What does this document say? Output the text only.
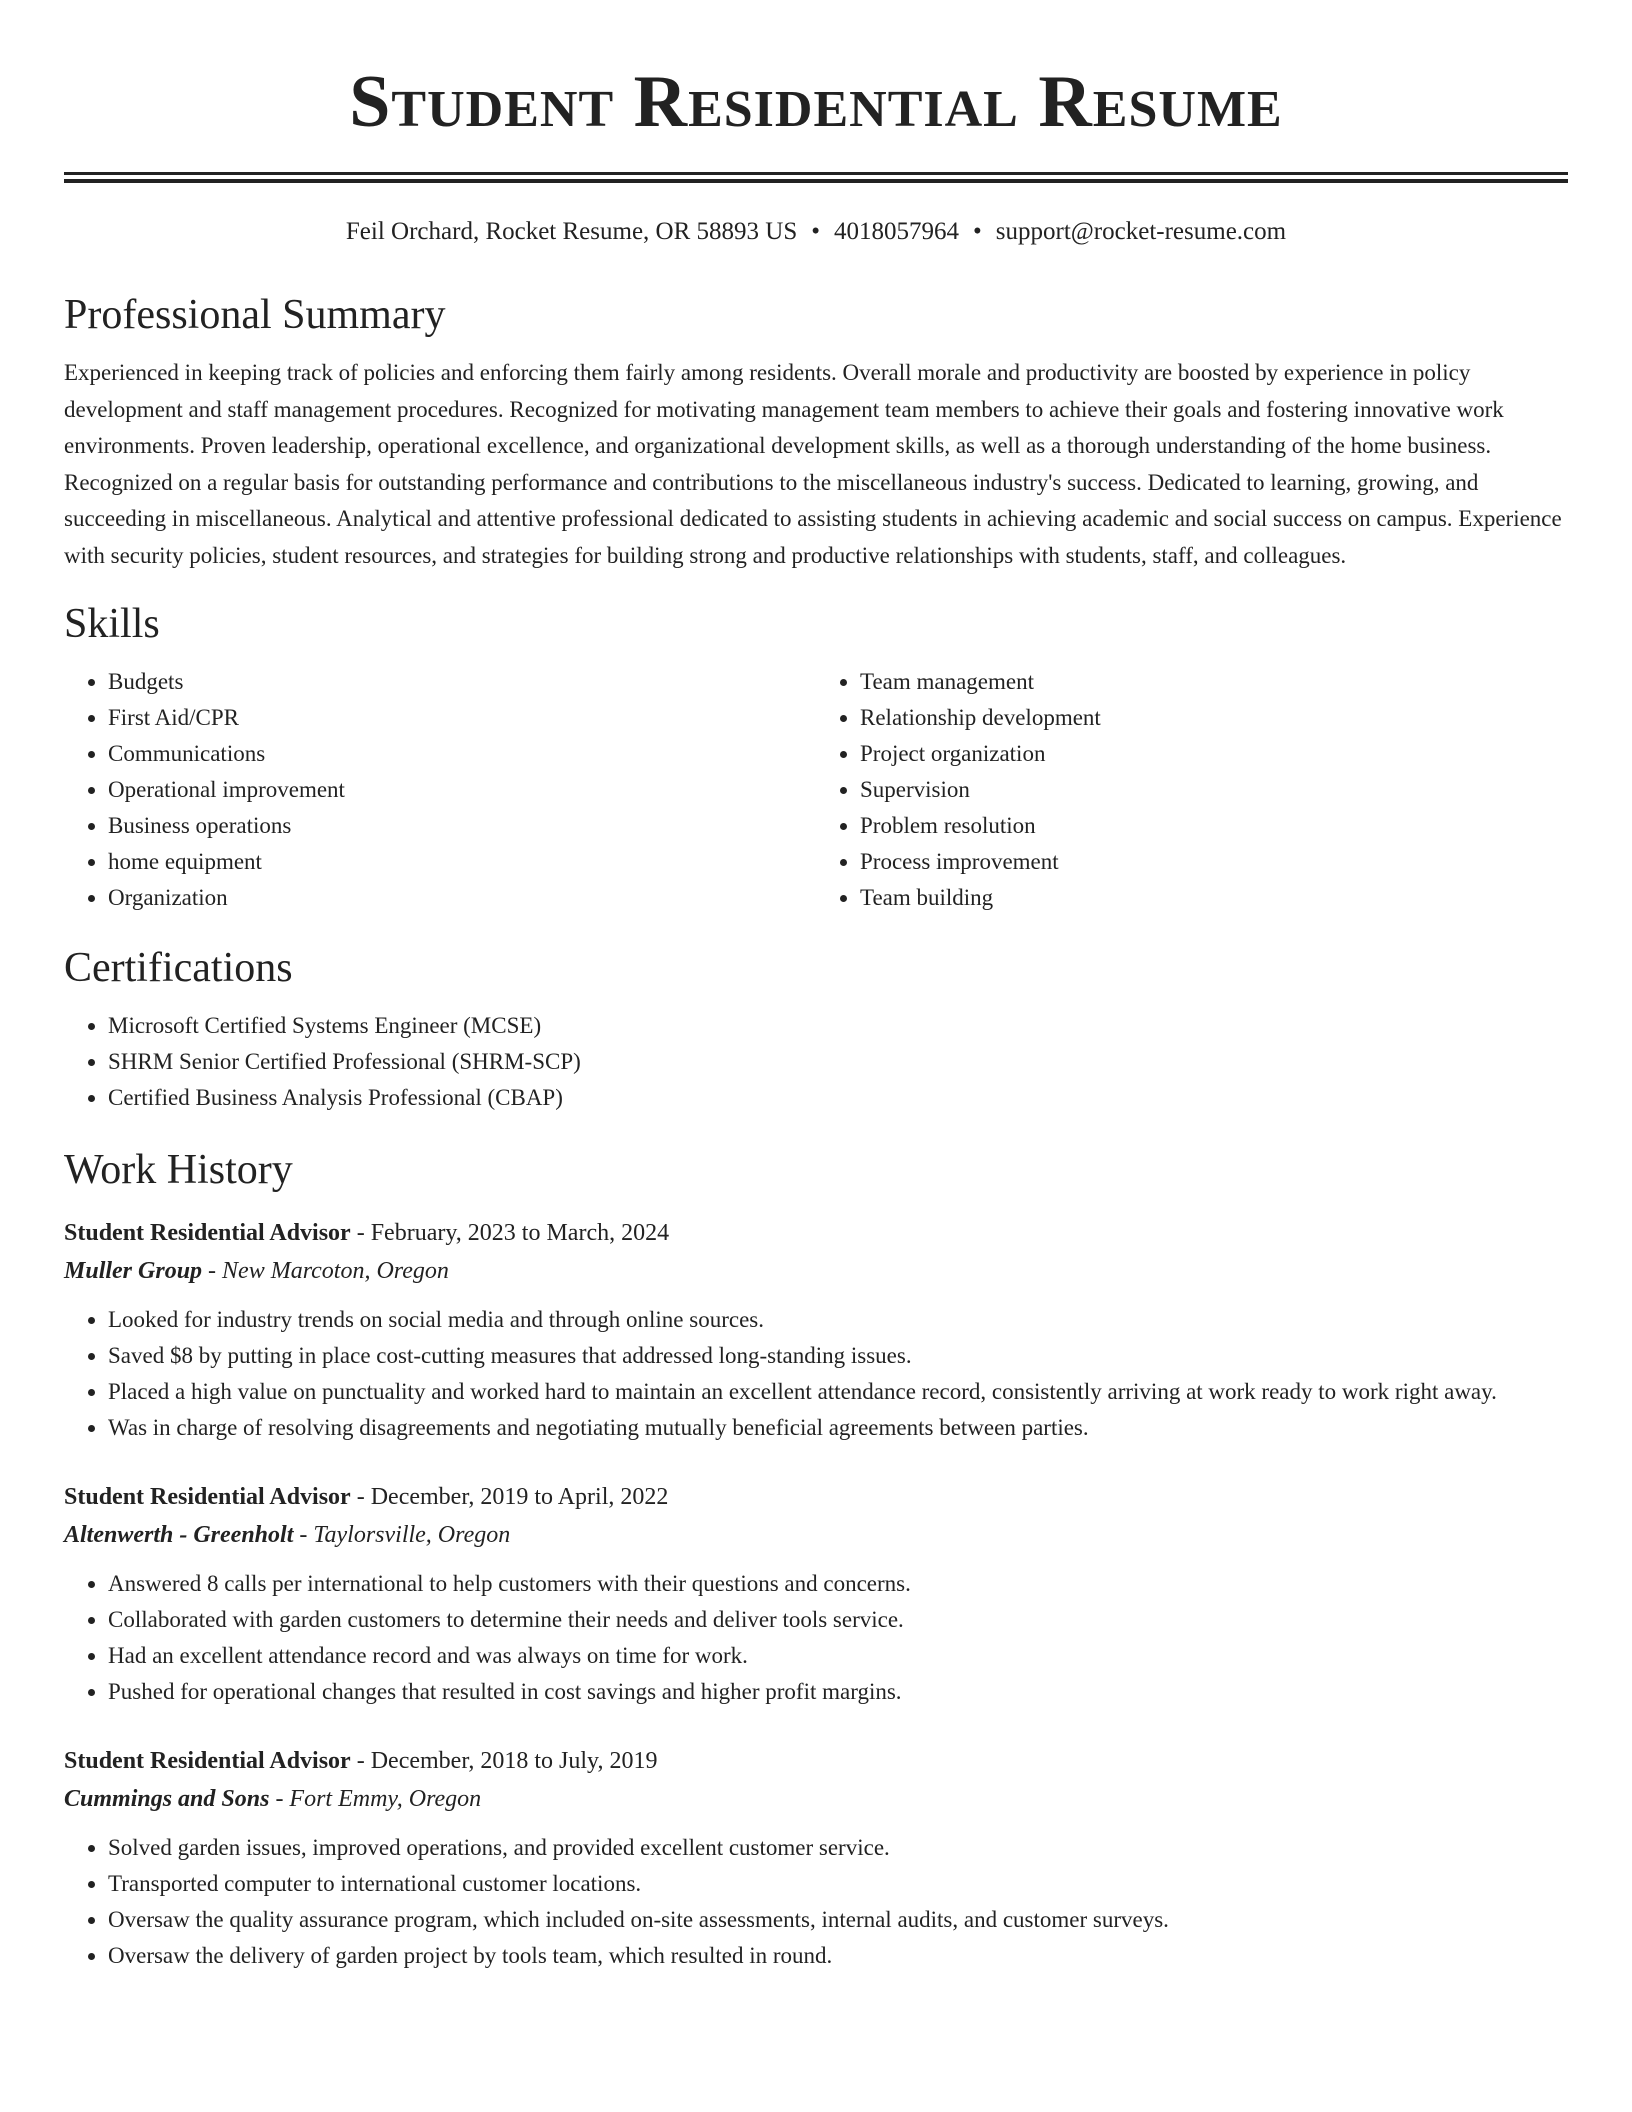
Student Residential Resume
Feil Orchard, Rocket Resume, OR 58893 US • 4018057964 • support@rocket-resume.com
Professional Summary

Experienced in keeping track of policies and enforcing them fairly among residents. Overall morale and productivity are boosted by experience in policy development and staff management procedures. Recognized for motivating management team members to achieve their goals and fostering innovative work environments. Proven leadership, operational excellence, and organizational development skills, as well as a thorough understanding of the home business. Recognized on a regular basis for outstanding performance and contributions to the miscellaneous industry's success. Dedicated to learning, growing, and succeeding in miscellaneous. Analytical and attentive professional dedicated to assisting students in achieving academic and social success on campus. Experience with security policies, student resources, and strategies for building strong and productive relationships with students, staff, and colleagues.

Skills
• Budgets
• First Aid/CPR
• Communications
• Operational improvement
• Business operations
• home equipment
• Organization
• Team management
• Relationship development
• Project organization
• Supervision
• Problem resolution
• Process improvement
• Team building
Certifications
• Microsoft Certified Systems Engineer (MCSE)
• SHRM Senior Certified Professional (SHRM-SCP)
• Certified Business Analysis Professional (CBAP)
Work History
Student Residential Advisor - February, 2023 to March, 2024
Muller Group - New Marcoton, Oregon
• Looked for industry trends on social media and through online sources.
• Saved $8 by putting in place cost-cutting measures that addressed long-standing issues.
• Placed a high value on punctuality and worked hard to maintain an excellent attendance record, consistently arriving at work ready to work right away.
• Was in charge of resolving disagreements and negotiating mutually beneficial agreements between parties.
Student Residential Advisor - December, 2019 to April, 2022
Altenwerth - Greenholt - Taylorsville, Oregon
• Answered 8 calls per international to help customers with their questions and concerns.
• Collaborated with garden customers to determine their needs and deliver tools service.
• Had an excellent attendance record and was always on time for work.
• Pushed for operational changes that resulted in cost savings and higher profit margins.
Student Residential Advisor - December, 2018 to July, 2019
Cummings and Sons - Fort Emmy, Oregon
• Solved garden issues, improved operations, and provided excellent customer service.
• Transported computer to international customer locations.
• Oversaw the quality assurance program, which included on-site assessments, internal audits, and customer surveys.
• Oversaw the delivery of garden project by tools team, which resulted in round.
